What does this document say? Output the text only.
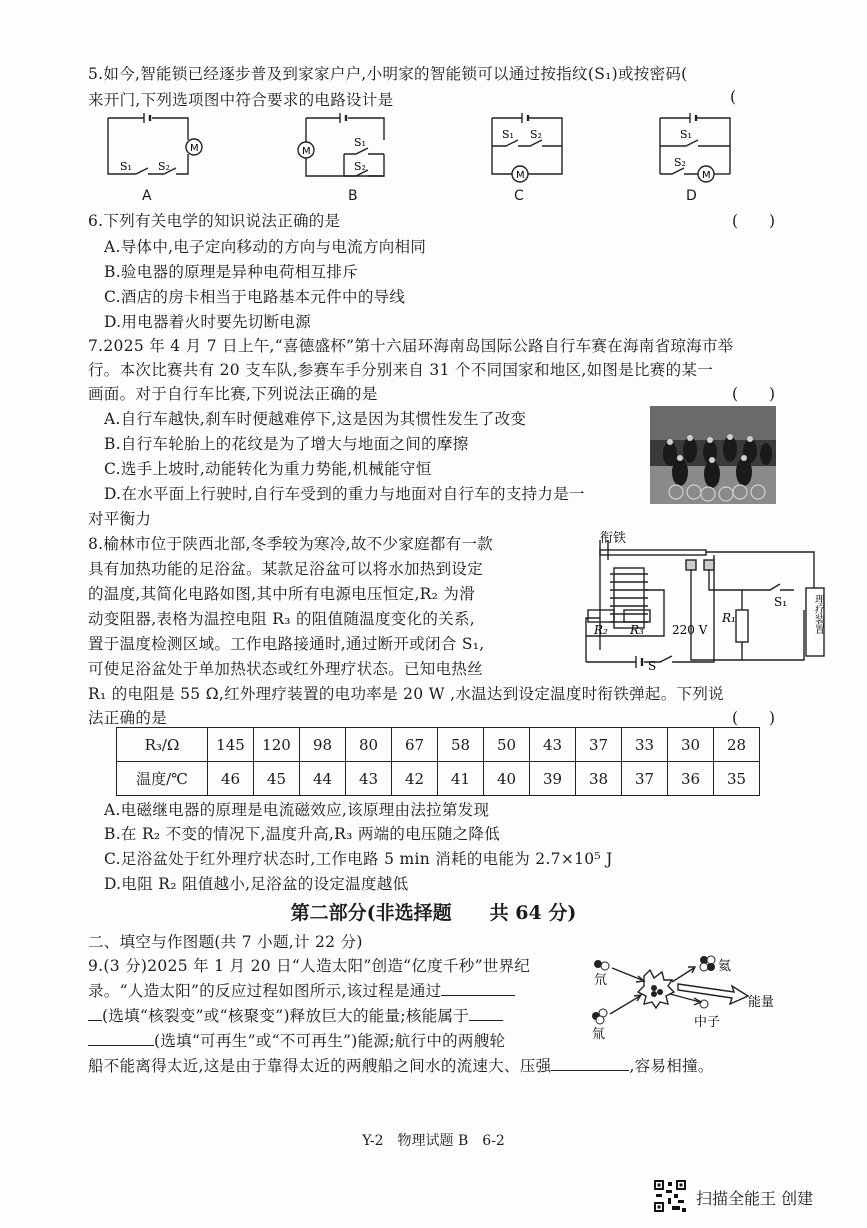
5.如今,智能锁已经逐步普及到家家户户,小明家的智能锁可以通过按指纹(S₁)或按密码(
来开门,下列选项图中符合要求的电路设计是	(
M
S₁ S₂
A
M
S₁
S₂
B
M
S₁ S₂
C
M
S₁
S₂
D
6.下列有关电学的知识说法正确的是	(　　)
A.导体中,电子定向移动的方向与电流方向相同
B.验电器的原理是异种电荷相互排斥
C.酒店的房卡相当于电路基本元件中的导线
D.用电器着火时要先切断电源
7.2025 年 4 月 7 日上午,“喜德盛杯”第十六届环海南岛国际公路自行车赛在海南省琼海市举
行。本次比赛共有 20 支车队,参赛车手分别来自 31 个不同国家和地区,如图是比赛的某一
画面。对于自行车比赛,下列说法正确的是	(　　)
A.自行车越快,刹车时便越难停下,这是因为其惯性发生了改变
B.自行车轮胎上的花纹是为了增大与地面之间的摩擦
C.选手上坡时,动能转化为重力势能,机械能守恒
D.在水平面上行驶时,自行车受到的重力与地面对自行车的支持力是一
对平衡力
8.榆林市位于陕西北部,冬季较为寒冷,故不少家庭都有一款
具有加热功能的足浴盆。某款足浴盆可以将水加热到设定
的温度,其简化电路如图,其中所有电源电压恒定,R₂ 为滑
动变阻器,表格为温控电阻 R₃ 的阻值随温度变化的关系,
置于温度检测区域。工作电路接通时,通过断开或闭合 S₁,
可使足浴盆处于单加热状态或红外理疗状态。已知电热丝
R₁ 的电阻是 55 Ω,红外理疗装置的电功率是 20 W ,水温达到设定温度时衔铁弹起。下列说
法正确的是	(　　)
衔铁
220 V
R₁
R₂ R₃
S
S₁	理疗装置
R₃/Ω	145	120	98	80	67	58	50	43	37	33	30	28
温度/℃	46	45	44	43	42	41	40	39	38	37	36	35
A.电磁继电器的原理是电流磁效应,该原理由法拉第发现
B.在 R₂ 不变的情况下,温度升高,R₃ 两端的电压随之降低
C.足浴盆处于红外理疗状态时,工作电路 5 min 消耗的电能为 2.7×10⁵ J
D.电阻 R₂ 阻值越小,足浴盆的设定温度越低
第二部分(非选择题　　共 64 分)
二、填空与作图题(共 7 小题,计 22 分)
9.(3 分)2025 年 1 月 20 日“人造太阳”创造“亿度千秒”世界纪
录。“人造太阳”的反应过程如图所示,该过程是通过
(选填“核裂变”或“核聚变”)释放巨大的能量;核能属于
(选填“可再生”或“不可再生”)能源;航行中的两艘轮
船不能离得太近,这是由于靠得太近的两艘船之间水的流速大、压强	,容易相撞。
氦
能量
氘
氚
中子
Y-2　物理试题 B　6-2
扫描全能王 创建
